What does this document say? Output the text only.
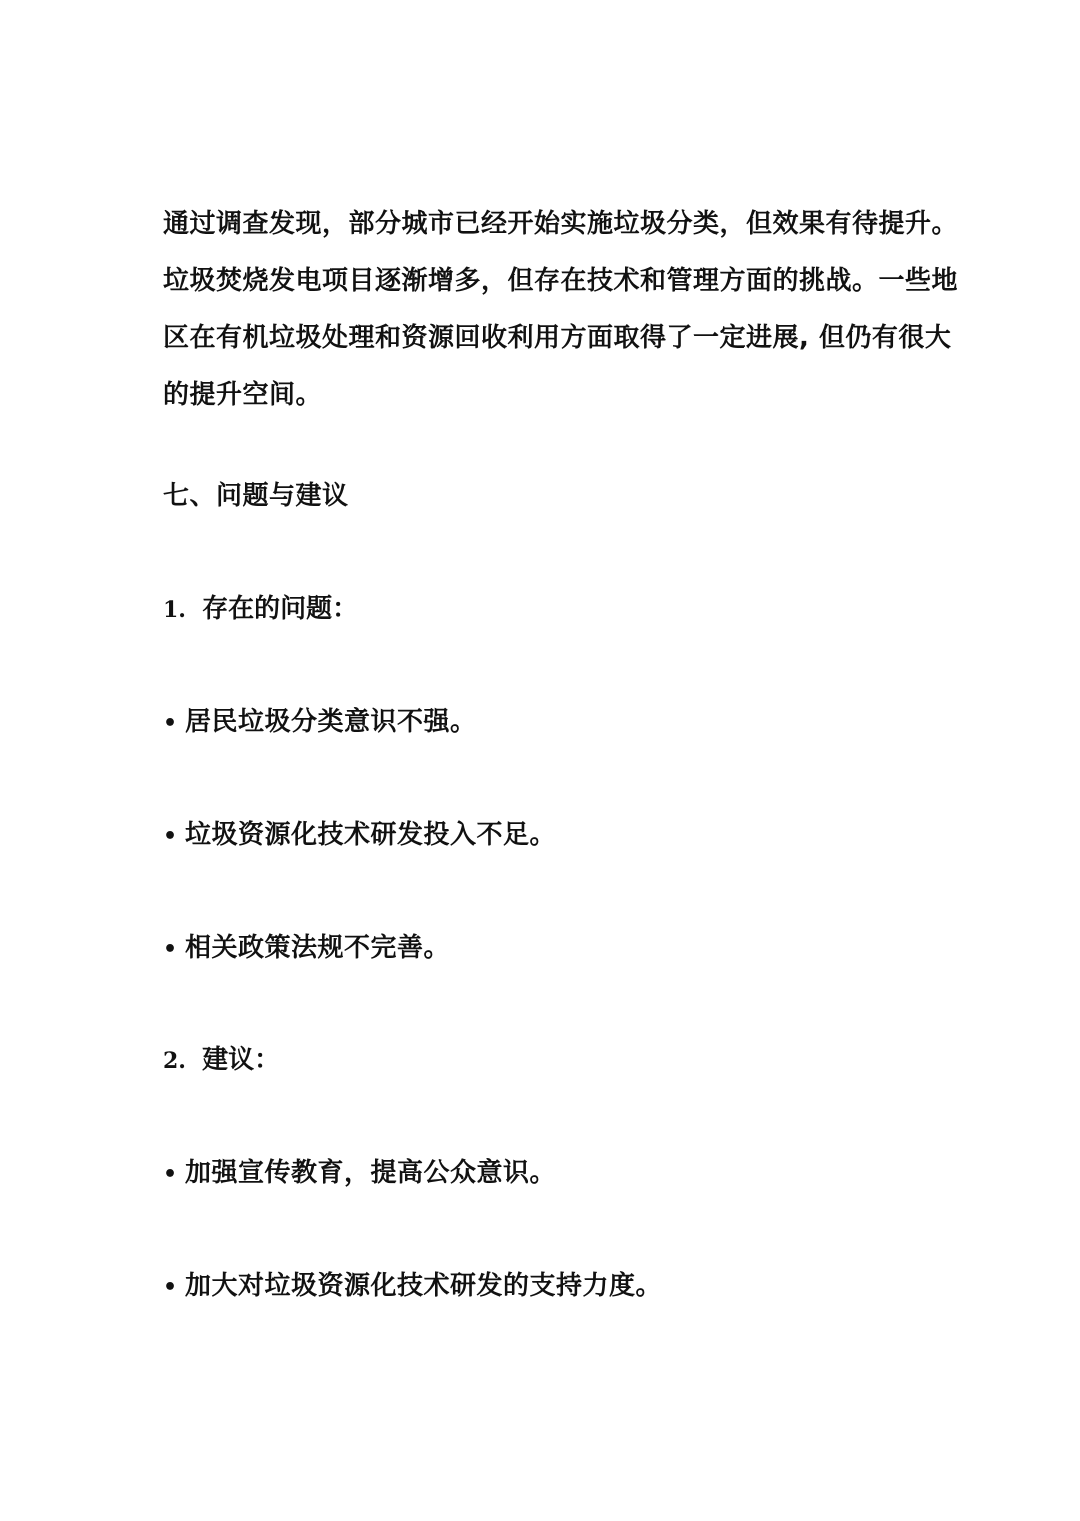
通过调查发现，部分城市已经开始实施垃圾分类，但效果有待提升。
垃圾焚烧发电项目逐渐增多，但存在技术和管理方面的挑战。一些地
区在有机垃圾处理和资源回收利用方面取得了一定进展, 但仍有很大
的提升空间。

七、问题与建议

1. 存在的问题：

• 居民垃圾分类意识不强。

• 垃圾资源化技术研发投入不足。

• 相关政策法规不完善。

2. 建议：

• 加强宣传教育，提高公众意识。

• 加大对垃圾资源化技术研发的支持力度。
